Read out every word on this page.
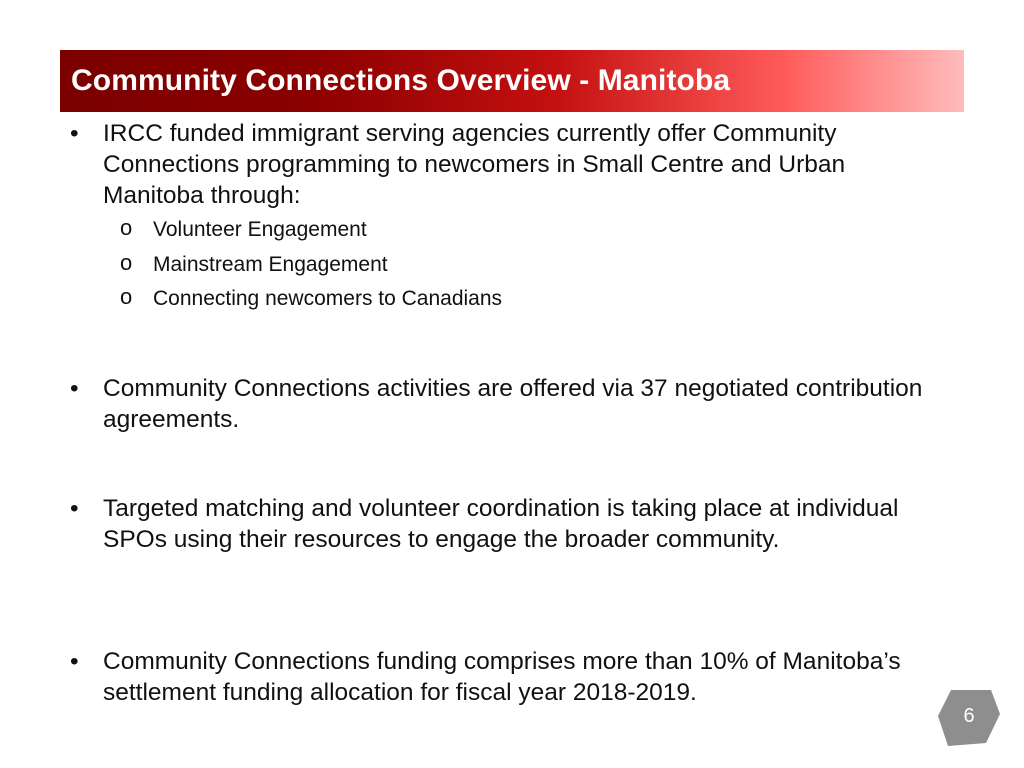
Community Connections Overview - Manitoba
• IRCC funded immigrant serving agencies currently offer Community Connections programming to newcomers in Small Centre and Urban Manitoba through:
o Volunteer Engagement
o Mainstream Engagement
o Connecting newcomers to Canadians
• Community Connections activities are offered via 37 negotiated contribution agreements.
• Targeted matching and volunteer coordination is taking place at individual SPOs using their resources to engage the broader community.
• Community Connections funding comprises more than 10% of Manitoba’s settlement funding allocation for fiscal year 2018-2019.
6
